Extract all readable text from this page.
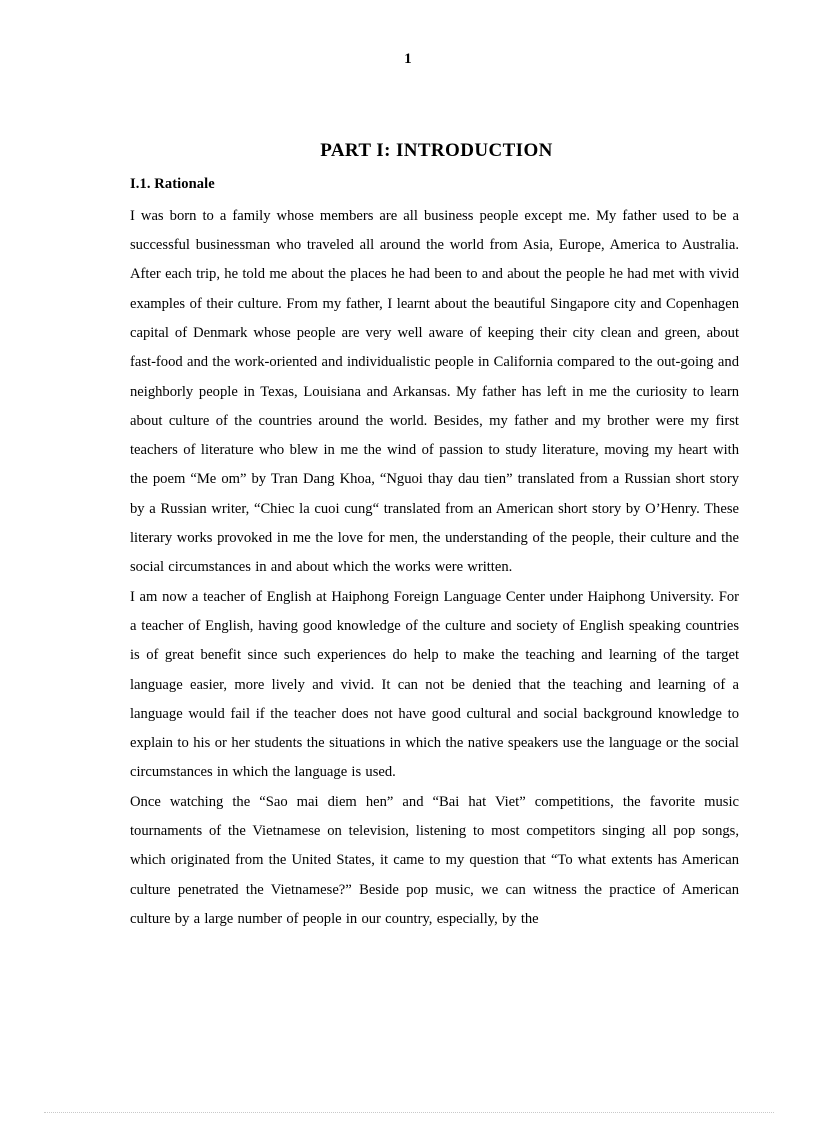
1
PART I: INTRODUCTION
I.1. Rationale

I was born to a family whose members are all business people except me. My father used to be a successful businessman who traveled all around the world from Asia, Europe, America to Australia. After each trip, he told me about the places he had been to and about the people he had met with vivid examples of their culture. From my father, I learnt about the beautiful Singapore city and Copenhagen capital of Denmark whose people are very well aware of keeping their city clean and green, about fast-food and the work-oriented and individualistic people in California compared to the out-going and neighborly people in Texas, Louisiana and Arkansas. My father has left in me the curiosity to learn about culture of the countries around the world. Besides, my father and my brother were my first teachers of literature who blew in me the wind of passion to study literature, moving my heart with the poem “Me om” by Tran Dang Khoa, “Nguoi thay dau tien” translated from a Russian short story by a Russian writer, “Chiec la cuoi cung“ translated from an American short story by O’Henry. These literary works provoked in me the love for men, the understanding of the people, their culture and the social circumstances in and about which the works were written.

I am now a teacher of English at Haiphong Foreign Language Center under Haiphong University. For a teacher of English, having good knowledge of the culture and society of English speaking countries is of great benefit since such experiences do help to make the teaching and learning of the target language easier, more lively and vivid. It can not be denied that the teaching and learning of a language would fail if the teacher does not have good cultural and social background knowledge to explain to his or her students the situations in which the native speakers use the language or the social circumstances in which the language is used.

Once watching the “Sao mai diem hen” and “Bai hat Viet” competitions, the favorite music tournaments of the Vietnamese on television, listening to most competitors singing all pop songs, which originated from the United States, it came to my question that “To what extents has American culture penetrated the Vietnamese?” Beside pop music, we can witness the practice of American culture by a large number of people in our country, especially, by the
